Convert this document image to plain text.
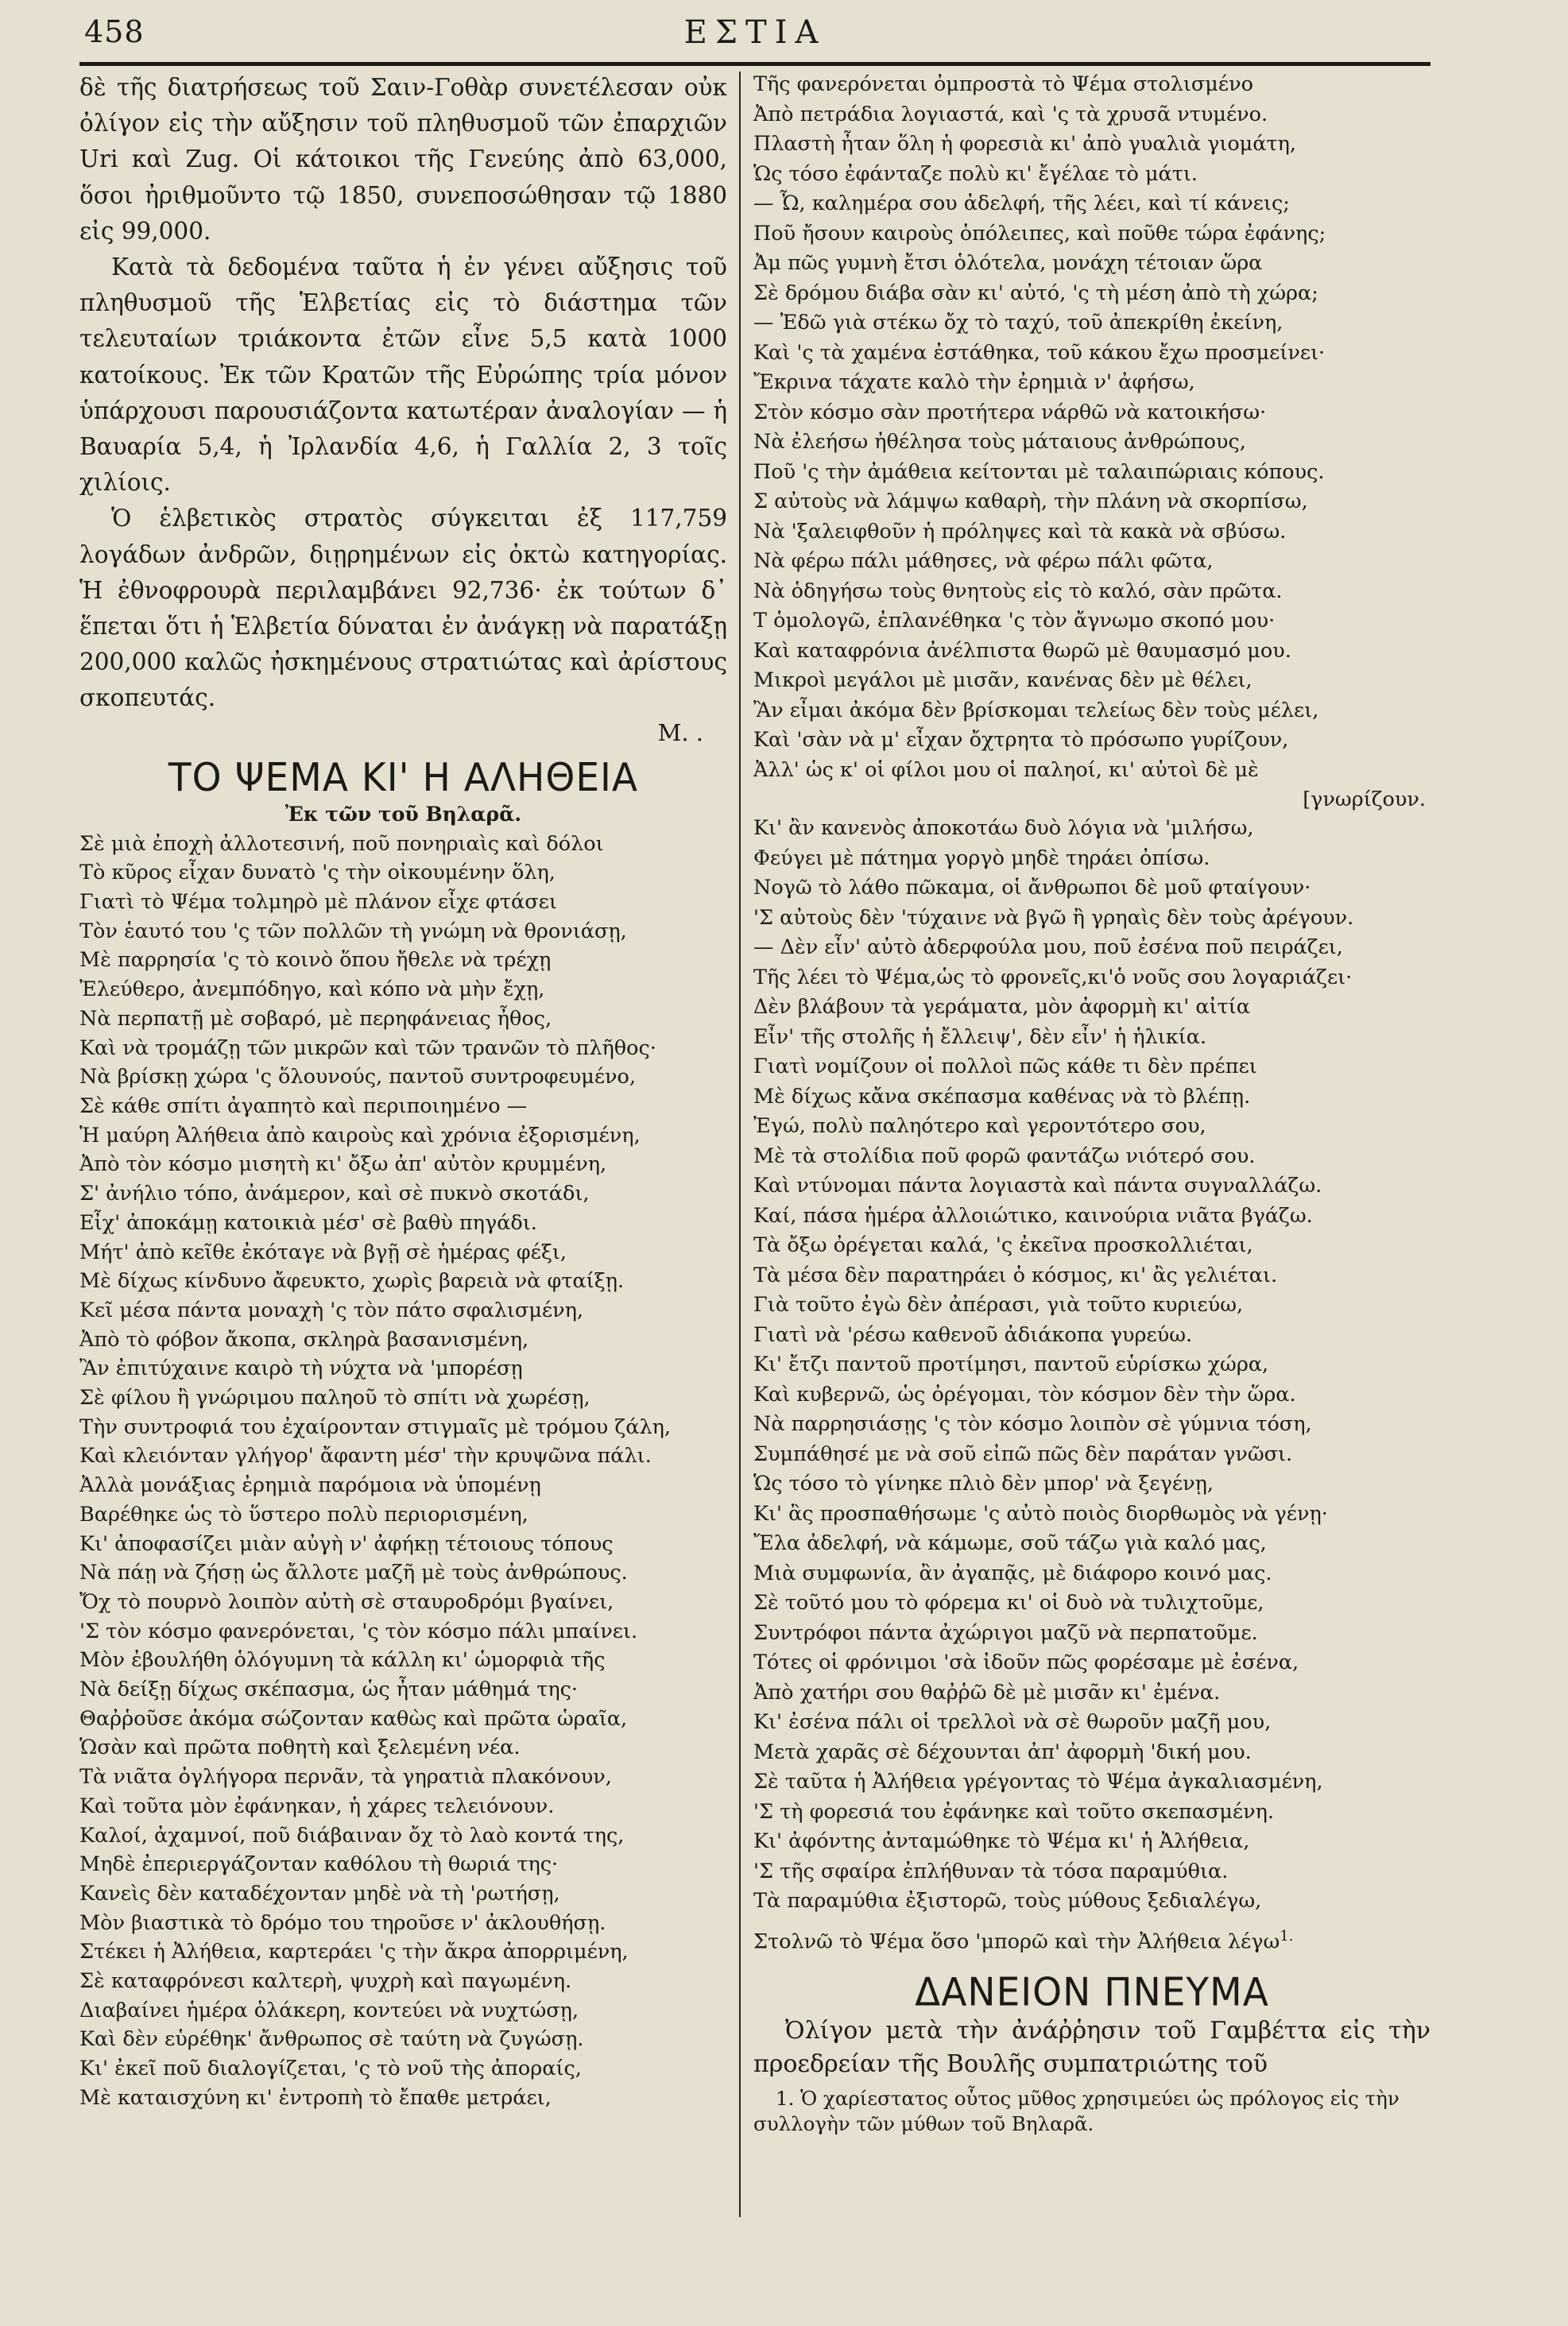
458	ΕΣΤΙΑ

δὲ τῆς διατρήσεως τοῦ Σαιν-Γοθὰρ συνετέλεσαν οὐκ ὀλίγον εἰς τὴν αὔξησιν τοῦ πληθυσμοῦ τῶν ἐπαρχιῶν Uri καὶ Zug. Οἱ κάτοικοι τῆς Γενεύης ἀπὸ 63,000, ὅσοι ἠριθμοῦντο τῷ 1850, συνεποσώθησαν τῷ 1880 εἰς 99,000.

Κατὰ τὰ δεδομένα ταῦτα ἡ ἐν γένει αὔξησις τοῦ πληθυσμοῦ τῆς Ἑλβετίας εἰς τὸ διάστημα τῶν τελευταίων τριάκοντα ἐτῶν εἶνε 5,5 κατὰ 1000 κατοίκους. Ἐκ τῶν Κρατῶν τῆς Εὐρώπης τρία μόνον ὑπάρχουσι παρουσιάζοντα κατωτέραν ἀναλογίαν — ἡ Βαυαρία 5,4, ἡ Ἰρλανδία 4,6, ἡ Γαλλία 2, 3 τοῖς χιλίοις.

Ὁ ἑλβετικὸς στρατὸς σύγκειται ἐξ 117,759 λογάδων ἀνδρῶν, διῃρημένων εἰς ὀκτὼ κατηγορίας. Ἡ ἐθνοφρουρὰ περιλαμβάνει 92,736· ἐκ τούτων δ᾽ ἕπεται ὅτι ἡ Ἑλβετία δύναται ἐν ἀνάγκῃ νὰ παρατάξῃ 200,000 καλῶς ἠσκημένους στρατιώτας καὶ ἀρίστους σκοπευτάς.

Μ. .

ΤΟ ΨΕΜΑ ΚΙ' Η ΑΛΗΘΕΙΑ

Ἐκ τῶν τοῦ Βηλαρᾶ.

Σὲ μιὰ ἐποχὴ ἀλλοτεσινή, ποῦ πονηριαὶς καὶ δόλοι
Τὸ κῦρος εἶχαν δυνατὸ 'ς τὴν οἰκουμένην ὅλη,
Γιατὶ τὸ Ψέμα τολμηρὸ μὲ πλάνον εἶχε φτάσει
Τὸν ἑαυτό του 'ς τῶν πολλῶν τὴ γνώμη νὰ θρονιάσῃ,
Μὲ παρρησία 'ς τὸ κοινὸ ὅπου ἤθελε νὰ τρέχῃ
Ἐλεύθερο, ἀνεμπόδηγο, καὶ κόπο νὰ μὴν ἔχῃ,
Νὰ περπατῇ μὲ σοβαρό, μὲ περηφάνειας ἦθος,
Καὶ νὰ τρομάζῃ τῶν μικρῶν καὶ τῶν τρανῶν τὸ πλῆθος·
Νὰ βρίσκῃ χώρα 'ς ὅλουνούς, παντοῦ συντροφευμένο,
Σὲ κάθε σπίτι ἀγαπητὸ καὶ περιποιημένο —
Ἡ μαύρη Ἀλήθεια ἀπὸ καιροὺς καὶ χρόνια ἐξορισμένη,
Ἀπὸ τὸν κόσμο μισητὴ κι' ὄξω ἀπ' αὐτὸν κρυμμένη,
Σ' ἀνήλιο τόπο, ἀνάμερον, καὶ σὲ πυκνὸ σκοτάδι,
Εἶχ' ἀποκάμῃ κατοικιὰ μέσ' σὲ βαθὺ πηγάδι.
Μήτ' ἀπὸ κεῖθε ἐκόταγε νὰ βγῇ σὲ ἡμέρας φέξι,
Μὲ δίχως κίνδυνο ἄφευκτο, χωρὶς βαρειὰ νὰ φταίξῃ.
Κεῖ μέσα πάντα μοναχὴ 'ς τὸν πάτο σφαλισμένη,
Ἀπὸ τὸ φόβον ἄκοπα, σκληρὰ βασανισμένη,
Ἂν ἐπιτύχαινε καιρὸ τὴ νύχτα νὰ 'μπορέσῃ
Σὲ φίλου ἢ γνώριμου παληοῦ τὸ σπίτι νὰ χωρέσῃ,
Τὴν συντροφιά του ἐχαίρονταν στιγμαῖς μὲ τρόμου ζάλη,
Καὶ κλειόνταν γλήγορ' ἄφαντη μέσ' τὴν κρυψῶνα πάλι.
Ἀλλὰ μονάξιας ἐρημιὰ παρόμοια νὰ ὑπομένῃ
Βαρέθηκε ὡς τὸ ὕστερο πολὺ περιορισμένη,
Κι' ἀποφασίζει μιὰν αὐγὴ ν' ἀφήκῃ τέτοιους τόπους
Νὰ πάῃ νὰ ζήσῃ ὡς ἄλλοτε μαζῆ μὲ τοὺς ἀνθρώπους.
Ὄχ τὸ πουρνὸ λοιπὸν αὐτὴ σὲ σταυροδρόμι βγαίνει,
'Σ τὸν κόσμο φανερόνεται, 'ς τὸν κόσμο πάλι μπαίνει.
Μὸν ἐβουλήθη ὁλόγυμνη τὰ κάλλη κι' ὡμορφιὰ τῆς
Νὰ δείξῃ δίχως σκέπασμα, ὡς ἦταν μάθημά της·
Θαῤῥοῦσε ἀκόμα σώζονταν καθὼς καὶ πρῶτα ὡραῖα,
Ὡσὰν καὶ πρῶτα ποθητὴ καὶ ξελεμένη νέα.
Τὰ νιᾶτα ὀγλήγορα περνᾶν, τὰ γηρατιὰ πλακόνουν,
Καὶ τοῦτα μὸν ἐφάνηκαν, ἡ χάρες τελειόνουν.
Καλοί, ἀχαμνοί, ποῦ διάβαιναν ὄχ τὸ λαὸ κοντά της,
Μηδὲ ἐπεριεργάζονταν καθόλου τὴ θωριά της·
Κανεὶς δὲν καταδέχονταν μηδὲ νὰ τὴ 'ρωτήσῃ,
Μὸν βιαστικὰ τὸ δρόμο του τηροῦσε ν' ἀκλουθήσῃ.
Στέκει ἡ Ἀλήθεια, καρτεράει 'ς τὴν ἄκρα ἀπορριμένη,
Σὲ καταφρόνεσι καλτερὴ, ψυχρὴ καὶ παγωμένη.
Διαβαίνει ἡμέρα ὁλάκερη, κοντεύει νὰ νυχτώσῃ,
Καὶ δὲν εὑρέθηκ' ἄνθρωπος σὲ ταύτη νὰ ζυγώσῃ.
Κι' ἐκεῖ ποῦ διαλογίζεται, 'ς τὸ νοῦ τὴς ἀποραίς,
Μὲ καταισχύνη κι' ἐντροπὴ τὸ ἔπαθε μετράει,
Τῆς φανερόνεται ὀμπροστὰ τὸ Ψέμα στολισμένο
Ἀπὸ πετράδια λογιαστά, καὶ 'ς τὰ χρυσᾶ ντυμένο.
Πλαστὴ ἦταν ὅλη ἡ φορεσιὰ κι' ἀπὸ γυαλιὰ γιομάτη,
Ὡς τόσο ἐφάνταζε πολὺ κι' ἔγέλαε τὸ μάτι.
— Ὦ, καλημέρα σου ἀδελφή, τῆς λέει, καὶ τί κάνεις;
Ποῦ ἤσουν καιροὺς ὁπόλειπες, καὶ ποῦθε τώρα ἐφάνης;
Ἀμ πῶς γυμνὴ ἔτσι ὁλότελα, μονάχη τέτοιαν ὥρα
Σὲ δρόμου διάβα σὰν κι' αὐτό, 'ς τὴ μέση ἀπὸ τὴ χώρα;
— Ἐδῶ γιὰ στέκω ὄχ τὸ ταχύ, τοῦ ἀπεκρίθη ἐκείνη,
Καὶ 'ς τὰ χαμένα ἐστάθηκα, τοῦ κάκου ἔχω προσμείνει·
Ἔκρινα τάχατε καλὸ τὴν ἐρημιὰ ν' ἀφήσω,
Στὸν κόσμο σὰν προτήτερα νάρθῶ νὰ κατοικήσω·
Νὰ ἐλεήσω ἠθέλησα τοὺς μάταιους ἀνθρώπους,
Ποῦ 'ς τὴν ἀμάθεια κείτονται μὲ ταλαιπώριαις κόπους.
Σ αὐτοὺς νὰ λάμψω καθαρὴ, τὴν πλάνη νὰ σκορπίσω,
Νὰ 'ξαλειφθοῦν ἡ πρόληψες καὶ τὰ κακὰ νὰ σβύσω.
Νὰ φέρω πάλι μάθησες, νὰ φέρω πάλι φῶτα,
Νὰ ὁδηγήσω τοὺς θνητοὺς εἰς τὸ καλό, σὰν πρῶτα.
Τ ὁμολογῶ, ἐπλανέθηκα 'ς τὸν ἄγνωμο σκοπό μου·
Καὶ καταφρόνια ἀνέλπιστα θωρῶ μὲ θαυμασμό μου.
Μικροὶ μεγάλοι μὲ μισᾶν, κανένας δὲν μὲ θέλει,
Ἂν εἶμαι ἀκόμα δὲν βρίσκομαι τελείως δὲν τοὺς μέλει,
Καὶ 'σὰν νὰ μ' εἶχαν ὄχτρητα τὸ πρόσωπο γυρίζουν,
Ἀλλ' ὡς κ' οἱ φίλοι μου οἱ παληοί, κι' αὐτοὶ δὲ μὲ
[γνωρίζουν.
Κι' ἂν κανενὸς ἀποκοτάω δυὸ λόγια νὰ 'μιλήσω,
Φεύγει μὲ πάτημα γοργὸ μηδὲ τηράει ὀπίσω.
Νογῶ τὸ λάθο πῶκαμα, οἱ ἄνθρωποι δὲ μοῦ φταίγουν·
'Σ αὐτοὺς δὲν 'τύχαινε νὰ βγῶ ἢ γρηαὶς δὲν τοὺς ἀρέγουν.
— Δὲν εἶν' αὐτὸ ἀδερφούλα μου, ποῦ ἐσένα ποῦ πειράζει,
Τῆς λέει τὸ Ψέμα,ὡς τὸ φρονεῖς,κι'ὁ νοῦς σου λογαριάζει·
Δὲν βλάβουν τὰ γεράματα, μὸν ἀφορμὴ κι' αἰτία
Εἶν' τῆς στολῆς ἡ ἔλλειψ', δὲν εἶν' ἡ ἡλικία.
Γιατὶ νομίζουν οἱ πολλοὶ πῶς κάθε τι δὲν πρέπει
Μὲ δίχως κἄνα σκέπασμα καθένας νὰ τὸ βλέπῃ.
Ἐγώ, πολὺ παληότερο καὶ γεροντότερο σου,
Μὲ τὰ στολίδια ποῦ φορῶ φαντάζω νιότερό σου.
Καὶ ντύνομαι πάντα λογιαστὰ καὶ πάντα συγναλλάζω.
Καί, πάσα ἡμέρα ἀλλοιώτικο, καινούρια νιᾶτα βγάζω.
Τὰ ὄξω ὀρέγεται καλά, 'ς ἐκεῖνα προσκολλιέται,
Τὰ μέσα δὲν παρατηράει ὁ κόσμος, κι' ἂς γελιέται.
Γιὰ τοῦτο ἐγὼ δὲν ἀπέρασι, γιὰ τοῦτο κυριεύω,
Γιατὶ νὰ 'ρέσω καθενοῦ ἀδιάκοπα γυρεύω.
Κι' ἔτζι παντοῦ προτίμησι, παντοῦ εὑρίσκω χώρα,
Καὶ κυβερνῶ, ὡς ὀρέγομαι, τὸν κόσμον δὲν τὴν ὥρα.
Νὰ παρρησιάσῃς 'ς τὸν κόσμο λοιπὸν σὲ γύμνια τόση,
Συμπάθησέ με νὰ σοῦ εἰπῶ πῶς δὲν παράταν γνῶσι.
Ὡς τόσο τὸ γίνηκε πλιὸ δὲν μπορ' νὰ ξεγένῃ,
Κι' ἂς προσπαθήσωμε 'ς αὐτὸ ποιὸς διορθωμὸς νὰ γένῃ·
Ἔλα ἀδελφή, νὰ κάμωμε, σοῦ τάζω γιὰ καλό μας,
Μιὰ συμφωνία, ἂν ἀγαπᾷς, μὲ διάφορο κοινό μας.
Σὲ τοῦτό μου τὸ φόρεμα κι' οἱ δυὸ νὰ τυλιχτοῦμε,
Συντρόφοι πάντα ἀχώριγοι μαζῦ νὰ περπατοῦμε.
Τότες οἱ φρόνιμοι 'σὰ ἰδοῦν πῶς φορέσαμε μὲ ἐσένα,
Ἀπὸ χατήρι σου θαῤῥῶ δὲ μὲ μισᾶν κι' ἐμένα.
Κι' ἐσένα πάλι οἱ τρελλοὶ νὰ σὲ θωροῦν μαζῆ μου,
Μετὰ χαρᾶς σὲ δέχουνται ἀπ' ἀφορμὴ 'δική μου.
Σὲ ταῦτα ἡ Ἀλήθεια γρέγοντας τὸ Ψέμα ἀγκαλιασμένη,
'Σ τὴ φορεσιά του ἐφάνηκε καὶ τοῦτο σκεπασμένη.
Κι' ἀφόντης ἀνταμώθηκε τὸ Ψέμα κι' ἡ Ἀλήθεια,
'Σ τῆς σφαίρα ἐπλήθυναν τὰ τόσα παραμύθια.
Τὰ παραμύθια ἐξιστορῶ, τοὺς μύθους ξεδιαλέγω,
Στολνῶ τὸ Ψέμα ὅσο 'μπορῶ καὶ τὴν Ἀλήθεια λέγω$^{1.}$
ΔΑΝΕΙΟΝ ΠΝΕΥΜΑ

Ὀλίγον μετὰ τὴν ἀνάῤῥησιν τοῦ Γαμβέττα εἰς τὴν προεδρείαν τῆς Βουλῆς συμπατριώτης τοῦ

1. Ὁ χαρίεστατος οὗτος μῦθος χρησιμεύει ὡς πρόλογος εἰς τὴν συλλογὴν τῶν μύθων τοῦ Βηλαρᾶ.
